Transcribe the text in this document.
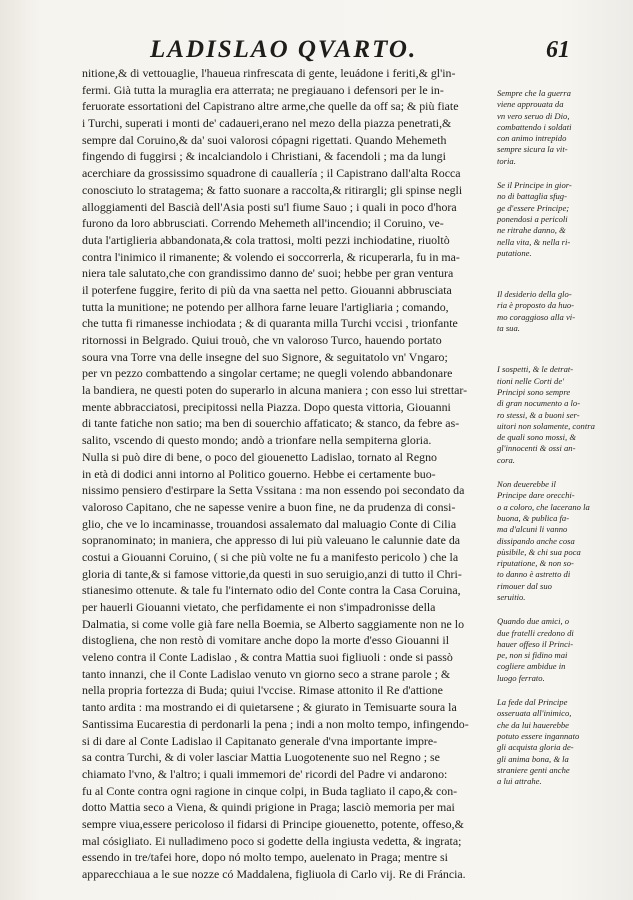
LADISLAO QVARTO.	61
nitione,& di vettouaglie, l'haueua rinfrescata di gente, leuádone i feriti,& gl'in-
fermi. Già tutta la muraglia era atterrata; ne pregiauano i defensori per le in-
feruorate essortationi del Capistrano altre arme,che quelle da off sa; & più fiate
i Turchi, superati i monti de' cadaueri,erano nel mezo della piazza penetrati,&
sempre dal Coruino,& da' suoi valorosi cópagni rigettati. Quando Mehemeth
fingendo di fuggirsi ; & incalciandolo i Christiani, & facendoli ; ma da lungi
acerchiare da grossissimo squadrone di cauallería ; il Capistrano dall'alta Rocca
conosciuto lo stratagema; & fatto suonare a raccolta,& ritirargli; gli spinse negli
alloggiamenti del Bascià dell'Asia posti su'l fiume Sauo ; i quali in poco d'hora
furono da loro abbrusciati. Correndo Mehemeth all'incendio; il Coruino, ve-
duta l'artiglieria abbandonata,& cola trattosi, molti pezzi inchiodatine, riuoltò
contra l'inimico il rimanente; & volendo ei soccorrerla, & ricuperarla, fu in ma-
niera tale salutato,che con grandissimo danno de' suoi; hebbe per gran ventura
il poterfene fuggire, ferito di più da vna saetta nel petto. Giouanni abbrusciata
tutta la munitione; ne potendo per allhora farne leuare l'artigliaria ; comando,
che tutta fi rimanesse inchiodata ; & di quaranta milla Turchi vccisi , trionfante
ritornossi in Belgrado. Quiui trouò, che vn valoroso Turco, hauendo portato
soura vna Torre vna delle insegne del suo Signore, & seguitatolo vn' Vngaro;
per vn pezzo combattendo a singolar certame; ne quegli volendo abbandonare
la bandiera, ne questi poten do superarlo in alcuna maniera ; con esso lui strettar-
mente abbracciatosi, precipitossi nella Piazza. Dopo questa vittoria, Giouanni
di tante fatiche non satio; ma ben di souerchio affaticato; & stanco, da febre as-
salito, vscendo di questo mondo; andò a trionfare nella sempiterna gloria.
Nulla si può dire di bene, o poco del giouenetto Ladislao, tornato al Regno
in età di dodici anni intorno al Politico gouerno. Hebbe ei certamente buo-
nissimo pensiero d'estirpare la Setta Vssitana : ma non essendo poi secondato da
valoroso Capitano, che ne sapesse venire a buon fine, ne da prudenza di consi-
glio, che ve lo incaminasse, trouandosi assalemato dal maluagio Conte di Cilia
sopranominato; in maniera, che appresso di lui più valeuano le calunnie date da
costui a Giouanni Coruino, ( si che più volte ne fu a manifesto pericolo ) che la
gloria di tante,& si famose vittorie,da questi in suo seruigio,anzi di tutto il Chri-
stianesimo ottenute. & tale fu l'internato odio del Conte contra la Casa Coruina,
per hauerli Giouanni vietato, che perfidamente ei non s'impadronisse della
Dalmatia, si come volle già fare nella Boemia, se Alberto saggiamente non ne lo
distogliena, che non restò di vomitare anche dopo la morte d'esso Giouanni il
veleno contra il Conte Ladislao , & contra Mattia suoi figliuoli : onde si passò
tanto innanzi, che il Conte Ladislao venuto vn giorno seco a strane parole ; &
nella propria fortezza di Buda; quiui l'vccise. Rimase attonito il Re d'attione
tanto ardita : ma mostrando ei di quietarsene ; & giurato in Temisuarte soura la
Santissima Eucarestia di perdonarli la pena ; indi a non molto tempo, infingendo-
si di dare al Conte Ladislao il Capitanato generale d'vna importante impre-
sa contra Turchi, & di voler lasciar Mattia Luogotenente suo nel Regno ; se
chiamato l'vno, & l'altro; i quali immemori de' ricordi del Padre vi andarono:
fu al Conte contra ogni ragione in cinque colpi, in Buda tagliato il capo,& con-
dotto Mattia seco a Viena, & quindi prigione in Praga; lasciò memoria per mai
sempre viua,essere pericoloso il fidarsi di Principe giouenetto, potente, offeso,&
mal cósigliato. Ei nulladimeno poco si godette della ingiusta vedetta, & ingrata;
essendo in tre/tafei hore, dopo nó molto tempo, auelenato in Praga; mentre si
apparecchiaua a le sue nozze có Maddalena, figliuola di Carlo vij. Re di Fráncia.
Sempre che la guerra
viene approuata da
vn vero seruo di Dio,
combattendo i soldati
con animo intrepido
sempre sicura la vit-
toria.
Se il Principe in gior-
no di battaglia sfug-
ge d'essere Principe;
ponendosi a pericoli
ne ritrahe danno, &
nella vita, & nella ri-
putatione.
Il desiderio della glo-
ria è proposto da huo-
mo coraggioso alla vi-
ta sua.
I sospetti, & le detrat-
tioni nelle Corti de'
Principi sono sempre
di gran nocumento a lo-
ro stessi, & a buoni ser-
uitori non solamente, contra
de quali sono mossi, &
gl'innocenti & ossi an-
cora.
Non deuerebbe il
Principe dare orecchi-
o a coloro, che lacerano la
buona, & publica fa-
ma d'alcuni li vanno
dissipando anche cosa
pùsibile, & chi sua poca
riputatione, & non so-
to danno è astretto di
rimouer dal suo
seruitio.
Quando due amici, o
due fratelli credono di
hauer offeso il Princi-
pe, non si fidino mai
cogliere ambidue in
luogo ferrato.
La fede dal Principe
osseruata all'inimico,
che da lui hauerebbe
potuto essere ingannato
gli acquista gloria de-
gli anima bona, & la
straniere genti anche
a lui attrahe.
